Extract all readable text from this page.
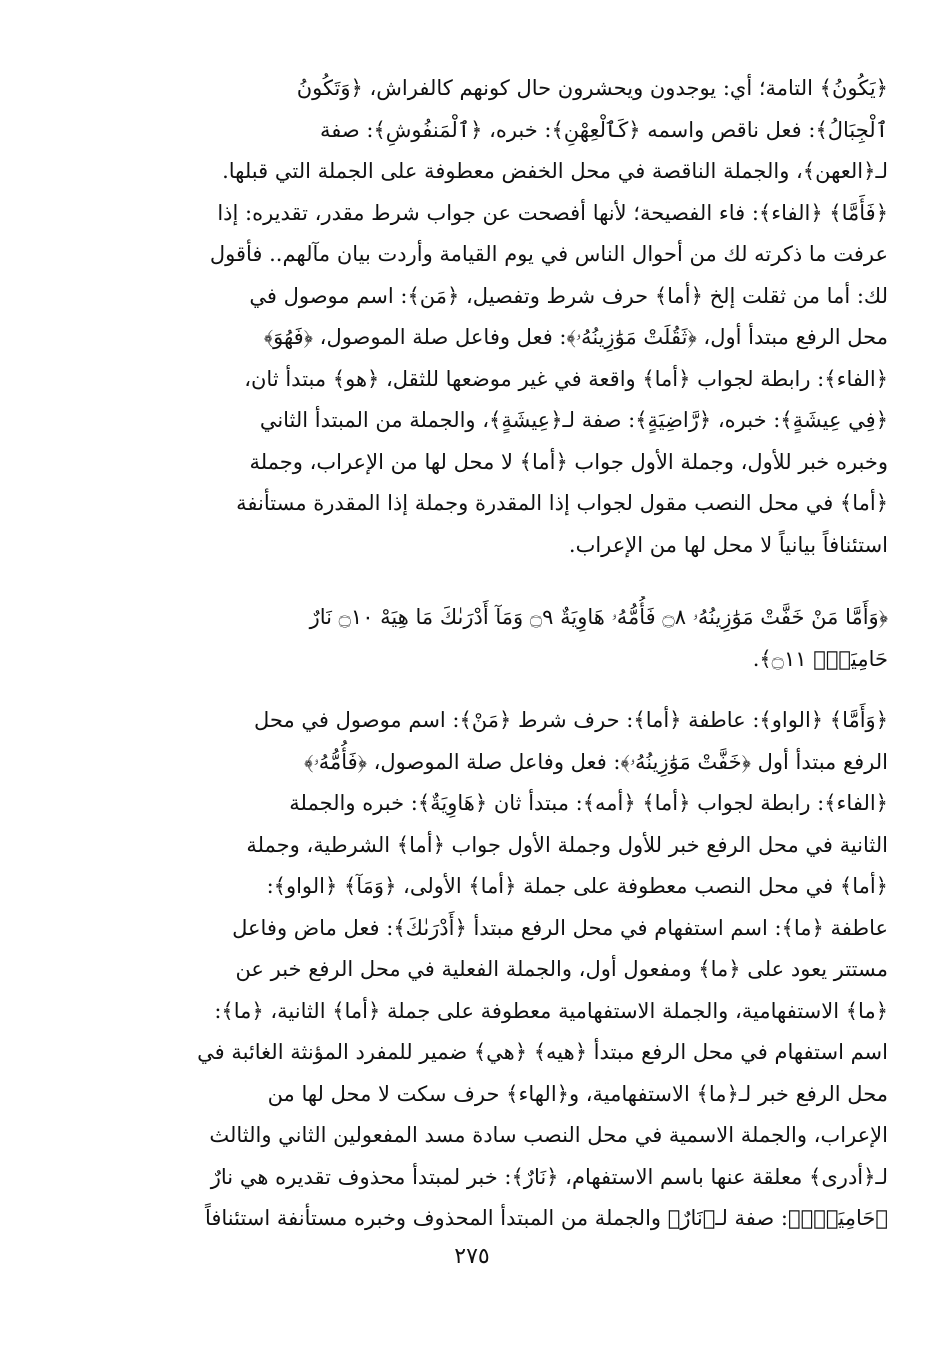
﴿يَكُونُ﴾ التامة؛ أي: يوجدون ويحشرون حال كونهم كالفراش، ﴿وَتَكُونُ
ٱلْجِبَالُ﴾: فعل ناقص واسمه ﴿كَٱلْعِهْنِ﴾: خبره، ﴿ٱلْمَنفُوشِ﴾: صفة
لـ﴿العهن﴾، والجملة الناقصة في محل الخفض معطوفة على الجملة التي قبلها.
﴿فَأَمَّا﴾ ﴿الفاء﴾: فاء الفصيحة؛ لأنها أفصحت عن جواب شرط مقدر، تقديره: إذا
عرفت ما ذكرته لك من أحوال الناس في يوم القيامة وأردت بيان مآلهم.. فأقول
لك: أما من ثقلت إلخ ﴿أما﴾ حرف شرط وتفصيل، ﴿مَن﴾: اسم موصول في
محل الرفع مبتدأ أول، ﴿ثَقُلَتْ مَوَٰزِينُهُۥ﴾: فعل وفاعل صلة الموصول، ﴿فَهُوَ﴾
﴿الفاء﴾: رابطة لجواب ﴿أما﴾ واقعة في غير موضعها للثقل، ﴿هو﴾ مبتدأ ثان،
﴿فِي عِيشَةٍ﴾: خبره، ﴿رَّاضِيَةٍ﴾: صفة لـ﴿عِيشَةٍ﴾، والجملة من المبتدأ الثاني
وخبره خبر للأول، وجملة الأول جواب ﴿أما﴾ لا محل لها من الإعراب، وجملة
﴿أما﴾ في محل النصب مقول لجواب إذا المقدرة وجملة إذا المقدرة مستأنفة
استئنافاً بيانياً لا محل لها من الإعراب.

﴿وَأَمَّا مَنْ خَفَّتْ مَوَٰزِينُهُۥ ۝٨ فَأُمُّهُۥ هَاوِيَةٌ ۝٩ وَمَآ أَدْرَىٰكَ مَا هِيَهْ ۝١٠ نَارٌ
حَامِيَةٌۢ ۝١١﴾.

﴿وَأَمَّا﴾ ﴿الواو﴾: عاطفة ﴿أما﴾: حرف شرط ﴿مَنْ﴾: اسم موصول في محل
الرفع مبتدأ أول ﴿خَفَّتْ مَوَٰزِينُهُۥ﴾: فعل وفاعل صلة الموصول، ﴿فَأُمُّهُۥ﴾
﴿الفاء﴾: رابطة لجواب ﴿أما﴾ ﴿أمه﴾: مبتدأ ثان ﴿هَاوِيَةٌ﴾: خبره والجملة
الثانية في محل الرفع خبر للأول وجملة الأول جواب ﴿أما﴾ الشرطية، وجملة
﴿أما﴾ في محل النصب معطوفة على جملة ﴿أما﴾ الأولى، ﴿وَمَآ﴾ ﴿الواو﴾:
عاطفة ﴿ما﴾: اسم استفهام في محل الرفع مبتدأ ﴿أَدْرَىٰكَ﴾: فعل ماض وفاعل
مستتر يعود على ﴿ما﴾ ومفعول أول، والجملة الفعلية في محل الرفع خبر عن
﴿ما﴾ الاستفهامية، والجملة الاستفهامية معطوفة على جملة ﴿أما﴾ الثانية، ﴿ما﴾:
اسم استفهام في محل الرفع مبتدأ ﴿هيه﴾ ﴿هي﴾ ضمير للمفرد المؤنثة الغائبة في
محل الرفع خبر لـ﴿ما﴾ الاستفهامية، و﴿الهاء﴾ حرف سكت لا محل لها من
الإعراب، والجملة الاسمية في محل النصب سادة مسد المفعولين الثاني والثالث
لـ﴿أدرى﴾ معلقة عنها باسم الاستفهام، ﴿نَارٌ﴾: خبر لمبتدأ محذوف تقديره هي نارٌ
﴿حَامِيَةٌۢ﴾: صفة لـ﴿نَارٌ﴾ والجملة من المبتدأ المحذوف وخبره مستأنفة استئنافاً

٢٧٥
